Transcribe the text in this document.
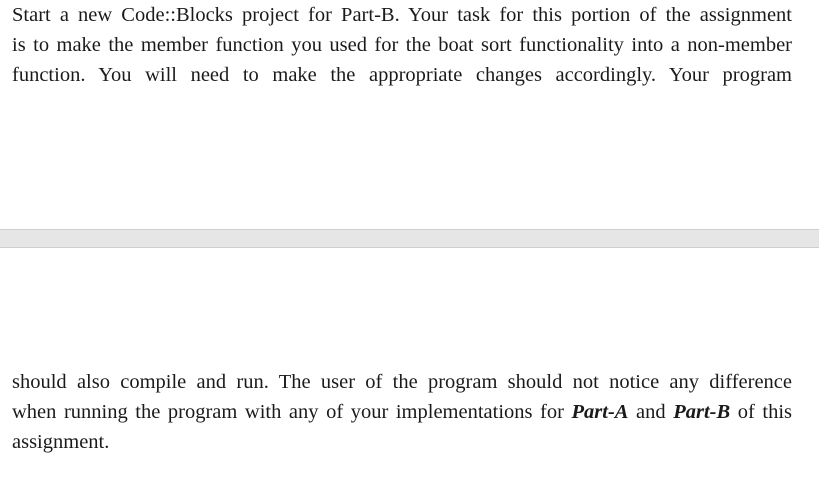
Start a new Code::Blocks project for Part-B. Your task for this portion of the assignment
is to make the member function you used for the boat sort functionality into a non-member
function. You will need to make the appropriate changes accordingly. Your program
should also compile and run. The user of the program should not notice any difference
when running the program with any of your implementations for Part-A and Part-B of this
assignment.
